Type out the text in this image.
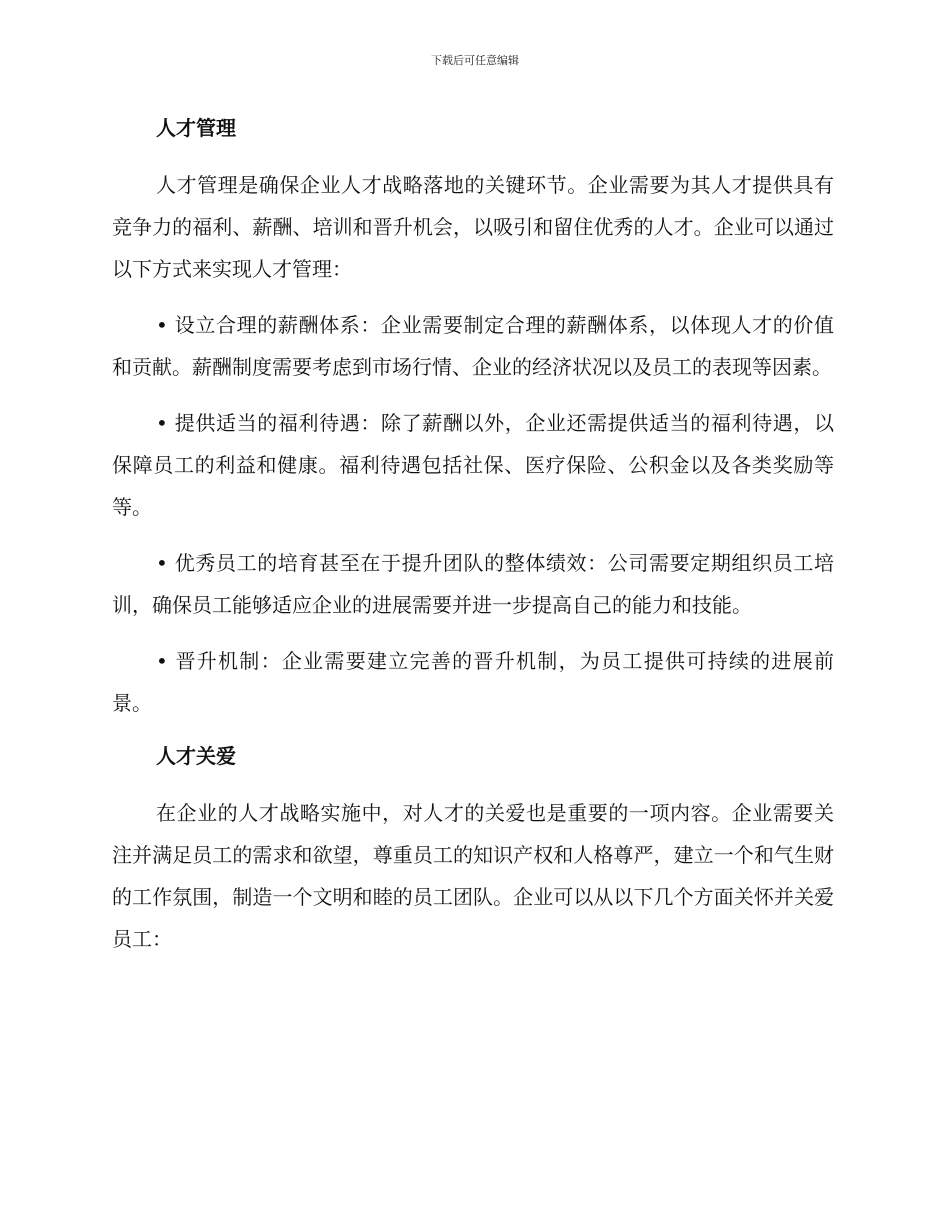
下载后可任意编辑
人才管理

人才管理是确保企业人才战略落地的关键环节。企业需要为其人才提供具有竞争力的福利、薪酬、培训和晋升机会，以吸引和留住优秀的人才。企业可以通过以下方式来实现人才管理：

• 设立合理的薪酬体系：企业需要制定合理的薪酬体系，以体现人才的价值和贡献。薪酬制度需要考虑到市场行情、企业的经济状况以及员工的表现等因素。

• 提供适当的福利待遇：除了薪酬以外，企业还需提供适当的福利待遇，以保障员工的利益和健康。福利待遇包括社保、医疗保险、公积金以及各类奖励等等。

• 优秀员工的培育甚至在于提升团队的整体绩效：公司需要定期组织员工培训，确保员工能够适应企业的进展需要并进一步提高自己的能力和技能。

• 晋升机制：企业需要建立完善的晋升机制，为员工提供可持续的进展前景。

人才关爱

在企业的人才战略实施中，对人才的关爱也是重要的一项内容。企业需要关注并满足员工的需求和欲望，尊重员工的知识产权和人格尊严，建立一个和气生财的工作氛围，制造一个文明和睦的员工团队。企业可以从以下几个方面关怀并关爱员工：
